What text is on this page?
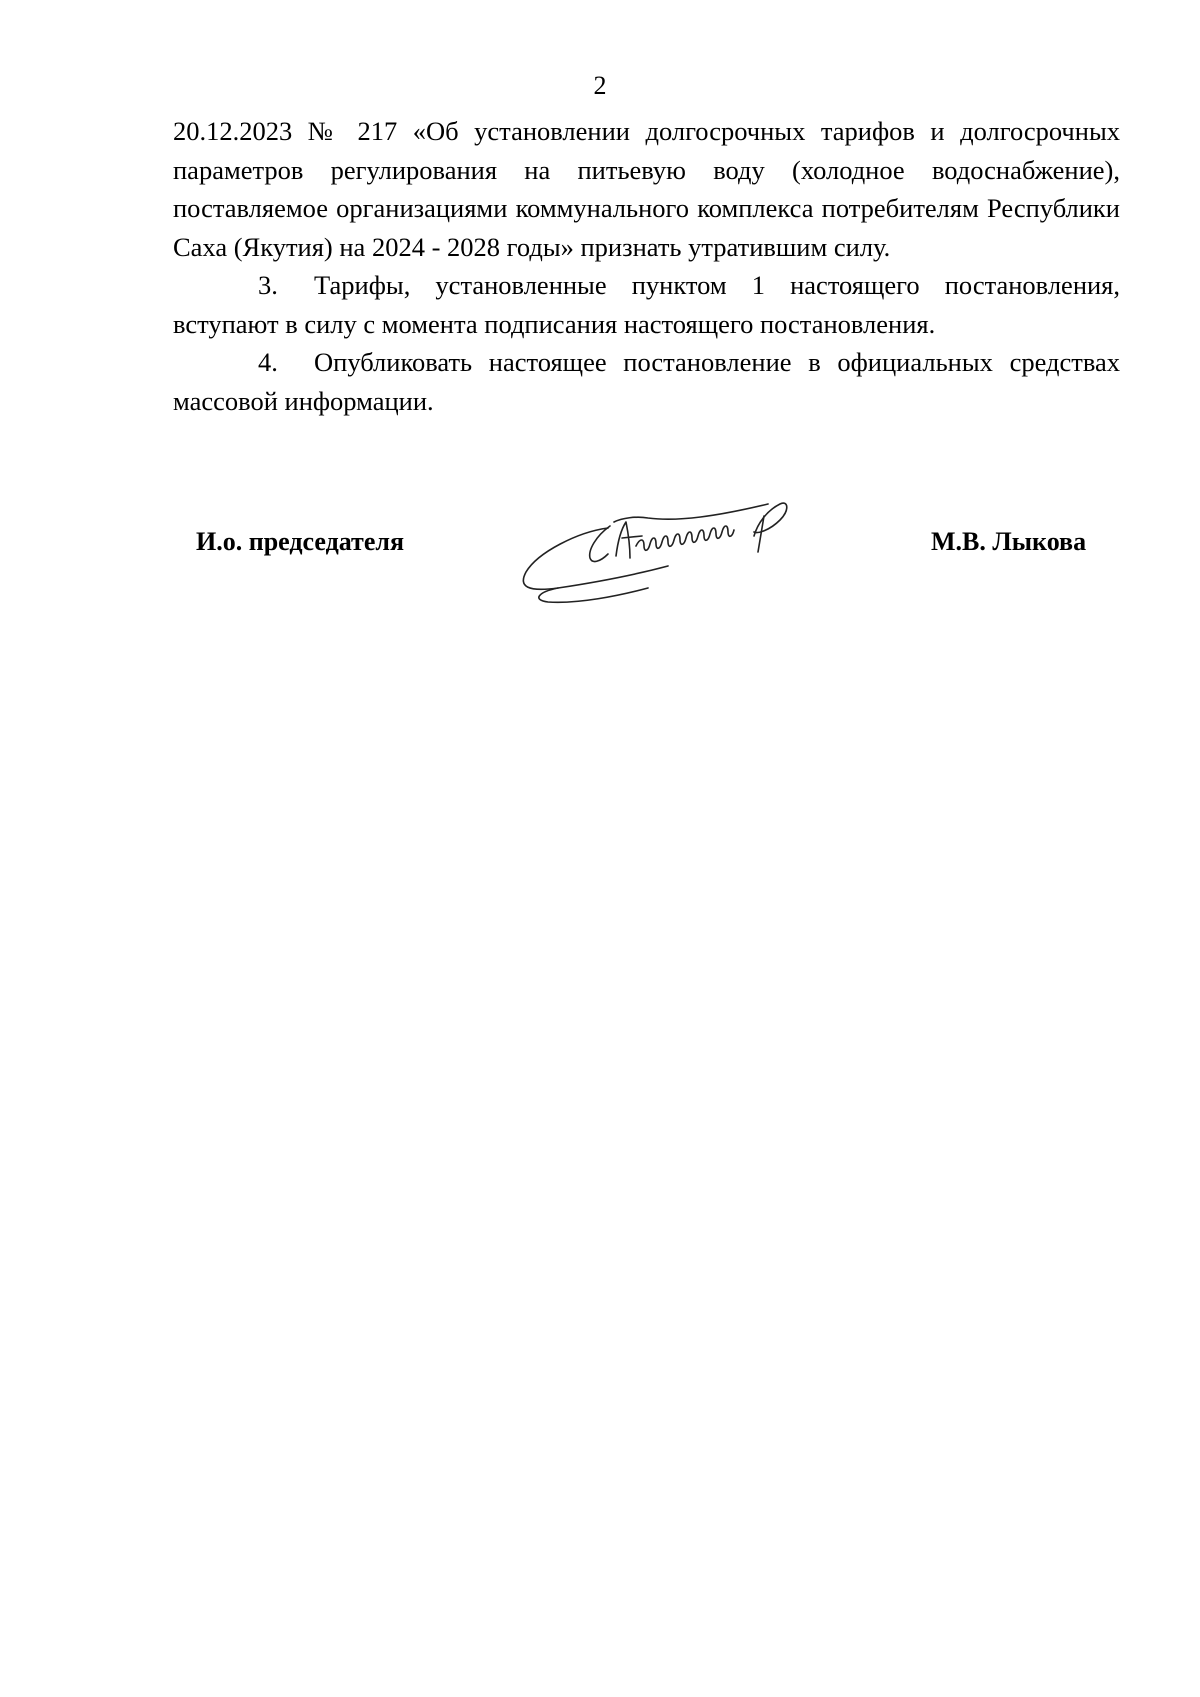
2

20.12.2023 № 217 «Об установлении долгосрочных тарифов и долгосрочных параметров регулирования на питьевую воду (холодное водоснабжение), поставляемое организациями коммунального комплекса потребителям Республики Саха (Якутия) на 2024 - 2028 годы» признать утратившим силу.

3. Тарифы, установленные пунктом 1 настоящего постановления, вступают в силу с момента подписания настоящего постановления.

4. Опубликовать настоящее постановление в официальных средствах массовой информации.

И.о. председателя	М.В. Лыкова
